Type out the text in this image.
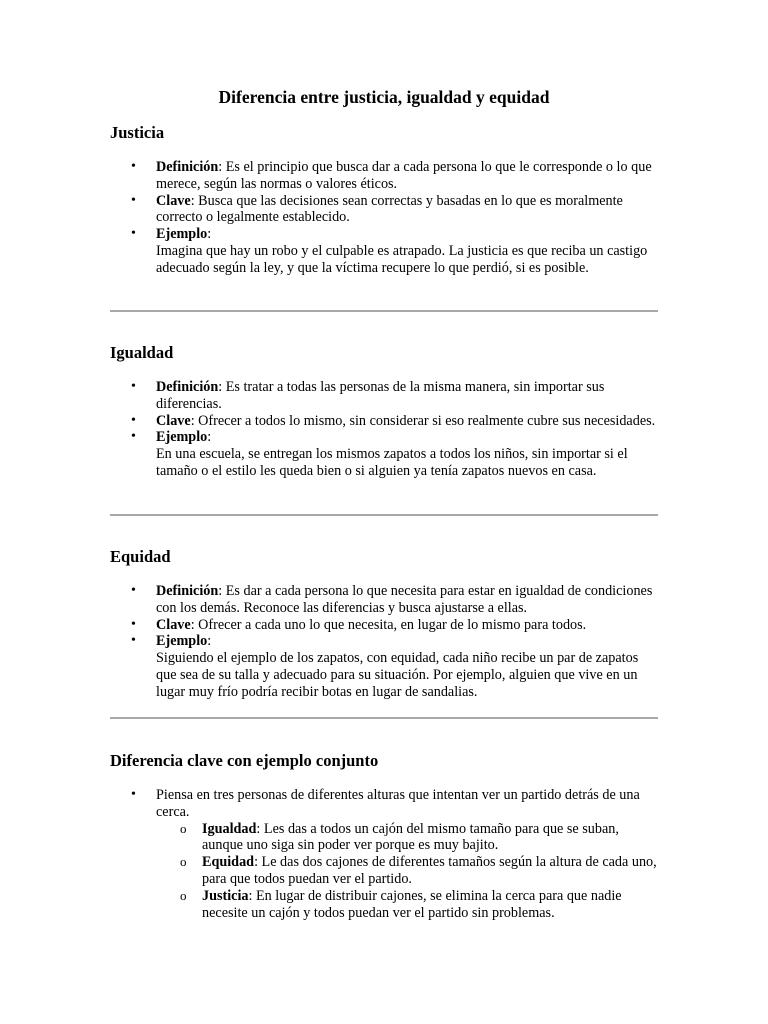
Diferencia entre justicia, igualdad y equidad
Justicia
• Definición: Es el principio que busca dar a cada persona lo que le corresponde o lo que merece, según las normas o valores éticos.
• Clave: Busca que las decisiones sean correctas y basadas en lo que es moralmente correcto o legalmente establecido.
• Ejemplo:
Imagina que hay un robo y el culpable es atrapado. La justicia es que reciba un castigo adecuado según la ley, y que la víctima recupere lo que perdió, si es posible.
Igualdad
• Definición: Es tratar a todas las personas de la misma manera, sin importar sus diferencias.
• Clave: Ofrecer a todos lo mismo, sin considerar si eso realmente cubre sus necesidades.
• Ejemplo:
En una escuela, se entregan los mismos zapatos a todos los niños, sin importar si el tamaño o el estilo les queda bien o si alguien ya tenía zapatos nuevos en casa.
Equidad
• Definición: Es dar a cada persona lo que necesita para estar en igualdad de condiciones con los demás. Reconoce las diferencias y busca ajustarse a ellas.
• Clave: Ofrecer a cada uno lo que necesita, en lugar de lo mismo para todos.
• Ejemplo:
Siguiendo el ejemplo de los zapatos, con equidad, cada niño recibe un par de zapatos que sea de su talla y adecuado para su situación. Por ejemplo, alguien que vive en un lugar muy frío podría recibir botas en lugar de sandalias.
Diferencia clave con ejemplo conjunto
• Piensa en tres personas de diferentes alturas que intentan ver un partido detrás de una cerca.
o Igualdad: Les das a todos un cajón del mismo tamaño para que se suban, aunque uno siga sin poder ver porque es muy bajito.
o Equidad: Le das dos cajones de diferentes tamaños según la altura de cada uno, para que todos puedan ver el partido.
o Justicia: En lugar de distribuir cajones, se elimina la cerca para que nadie necesite un cajón y todos puedan ver el partido sin problemas.
